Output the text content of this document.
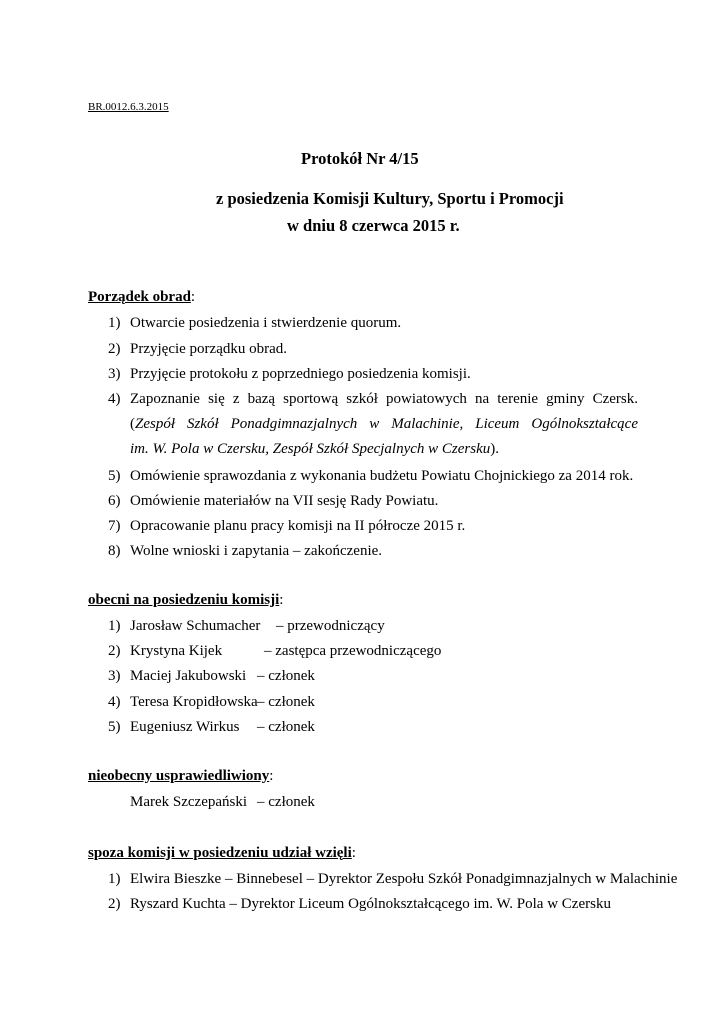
BR.0012.6.3.2015
Protokół Nr 4/15
z posiedzenia Komisji Kultury, Sportu i Promocji
w dniu 8 czerwca 2015 r.
Porządek obrad:
1) Otwarcie posiedzenia i stwierdzenie quorum.
2) Przyjęcie porządku obrad.
3) Przyjęcie protokołu z poprzedniego posiedzenia komisji.
4) Zapoznanie się z bazą sportową szkół powiatowych na terenie gminy Czersk.
(Zespół Szkół Ponadgimnazjalnych w Malachinie, Liceum Ogólnokształcące
im. W. Pola w Czersku, Zespół Szkół Specjalnych w Czersku).
5) Omówienie sprawozdania z wykonania budżetu Powiatu Chojnickiego za 2014 rok.
6) Omówienie materiałów na VII sesję Rady Powiatu.
7) Opracowanie planu pracy komisji na II półrocze 2015 r.
8) Wolne wnioski i zapytania – zakończenie.
obecni na posiedzeniu komisji:
1) Jarosław Schumacher – przewodniczący
2) Krystyna Kijek	– zastępca przewodniczącego
3) Maciej Jakubowski – członek
4) Teresa Kropidłowska – członek
5) Eugeniusz Wirkus – członek
nieobecny usprawiedliwiony:
Marek Szczepański – członek
spoza komisji w posiedzeniu udział wzięli:
1) Elwira Bieszke – Binnebesel – Dyrektor Zespołu Szkół Ponadgimnazjalnych w Malachinie
2) Ryszard Kuchta – Dyrektor Liceum Ogólnokształcącego im. W. Pola w Czersku
